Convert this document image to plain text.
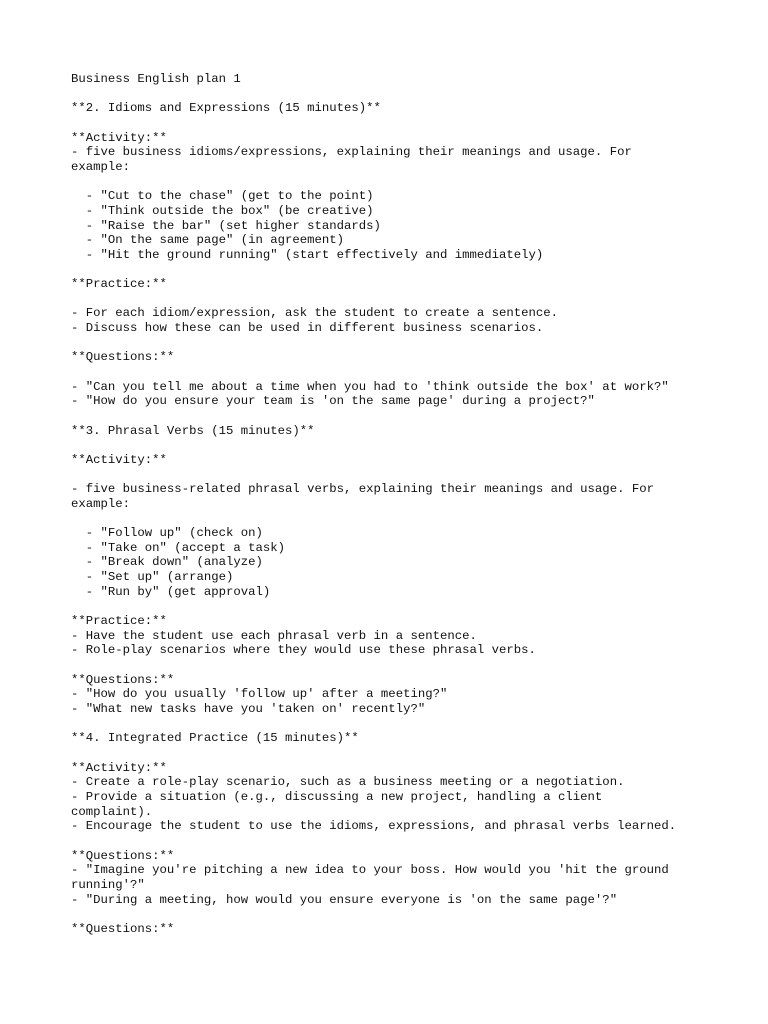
Business English plan 1
**2. Idioms and Expressions (15 minutes)**
**Activity:**
- five business idioms/expressions, explaining their meanings and usage. For
example:
- "Cut to the chase" (get to the point)
- "Think outside the box" (be creative)
- "Raise the bar" (set higher standards)
- "On the same page" (in agreement)
- "Hit the ground running" (start effectively and immediately)
**Practice:**
- For each idiom/expression, ask the student to create a sentence.
- Discuss how these can be used in different business scenarios.
**Questions:**
- "Can you tell me about a time when you had to 'think outside the box' at work?"
- "How do you ensure your team is 'on the same page' during a project?"
**3. Phrasal Verbs (15 minutes)**
**Activity:**
- five business-related phrasal verbs, explaining their meanings and usage. For
example:
- "Follow up" (check on)
- "Take on" (accept a task)
- "Break down" (analyze)
- "Set up" (arrange)
- "Run by" (get approval)
**Practice:**
- Have the student use each phrasal verb in a sentence.
- Role-play scenarios where they would use these phrasal verbs.
**Questions:**
- "How do you usually 'follow up' after a meeting?"
- "What new tasks have you 'taken on' recently?"
**4. Integrated Practice (15 minutes)**
**Activity:**
- Create a role-play scenario, such as a business meeting or a negotiation.
- Provide a situation (e.g., discussing a new project, handling a client
complaint).
- Encourage the student to use the idioms, expressions, and phrasal verbs learned.
**Questions:**
- "Imagine you're pitching a new idea to your boss. How would you 'hit the ground
running'?"
- "During a meeting, how would you ensure everyone is 'on the same page'?"
**Questions:**
